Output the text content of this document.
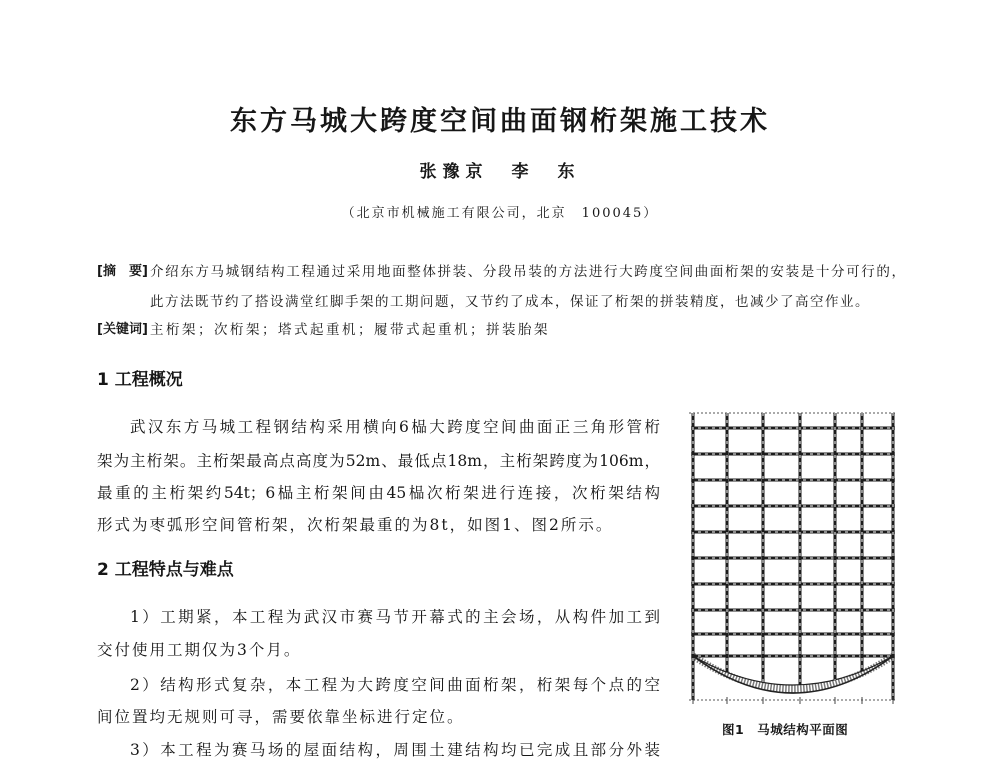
东方马城大跨度空间曲面钢桁架施工技术
张豫京　李　东
（北京市机械施工有限公司，北京　100045）
[摘　要] 介绍东方马城钢结构工程通过采用地面整体拼装、分段吊装的方法进行大跨度空间曲面桁架的安装是十分可行的，
此方法既节约了搭设满堂红脚手架的工期问题，又节约了成本，保证了桁架的拼装精度，也减少了高空作业。
[关键词] 主桁架；次桁架；塔式起重机；履带式起重机；拼装胎架
1 工程概况
武汉东方马城工程钢结构采用横向6榀大跨度空间曲面正三角形管桁
架为主桁架。主桁架最高点高度为52m、最低点18m，主桁架跨度为106m，
最重的主桁架约54t；6榀主桁架间由45榀次桁架进行连接，次桁架结构
形式为枣弧形空间管桁架，次桁架最重的为8t，如图1、图2所示。
2 工程特点与难点
1）工期紧，本工程为武汉市赛马节开幕式的主会场，从构件加工到
交付使用工期仅为3个月。
2）结构形式复杂，本工程为大跨度空间曲面桁架，桁架每个点的空
间位置均无规则可寻，需要依靠坐标进行定位。
3）本工程为赛马场的屋面结构，周围土建结构均已完成且部分外装
图1　马城结构平面图
